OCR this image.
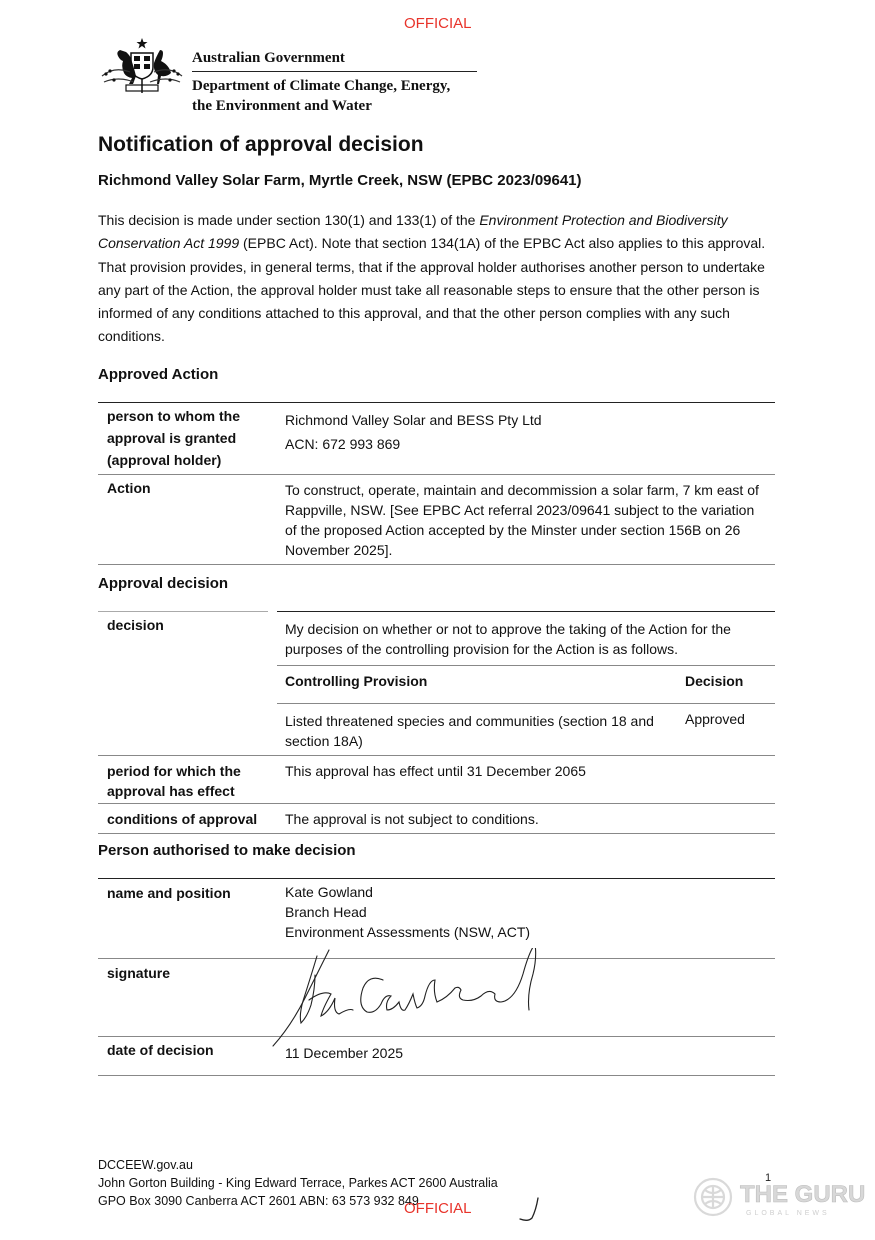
OFFICIAL
Australian Government
Department of Climate Change, Energy,
the Environment and Water
Notification of approval decision
Richmond Valley Solar Farm, Myrtle Creek, NSW (EPBC 2023/09641)

This decision is made under section 130(1) and 133(1) of the Environment Protection and Biodiversity Conservation Act 1999 (EPBC Act). Note that section 134(1A) of the EPBC Act also applies to this approval. That provision provides, in general terms, that if the approval holder authorises another person to undertake any part of the Action, the approval holder must take all reasonable steps to ensure that the other person is informed of any conditions attached to this approval, and that the other person complies with any such conditions.

Approved Action
person to whom the approval is granted (approval holder)	Richmond Valley Solar and BESS Pty Ltd
ACN: 672 993 869

Action	To construct, operate, maintain and decommission a solar farm, 7 km east of Rappville, NSW. [See EPBC Act referral 2023/09641 subject to the variation of the proposed Action accepted by the Minster under section 156B on 26 November 2025].
Approval decision
decision		My decision on whether or not to approve the taking of the Action for the purposes of the controlling provision for the Action is as follows.
Controlling Provision	Decision
Listed threatened species and communities (section 18 and section 18A)	Approved

period for which the approval has effect	This approval has effect until 31 December 2065
conditions of approval	The approval is not subject to conditions.
Person authorised to make decision
name and position	Kate Gowland
Branch Head
Environment Assessments (NSW, ACT)

signature	
date of decision	11 December 2025
DCCEEW.gov.au
John Gorton Building - King Edward Terrace, Parkes ACT 2600 Australia
GPO Box 3090 Canberra ACT 2601 ABN: 63 573 932 849
OFFICIAL
THE GURU
GLOBAL NEWS
1
